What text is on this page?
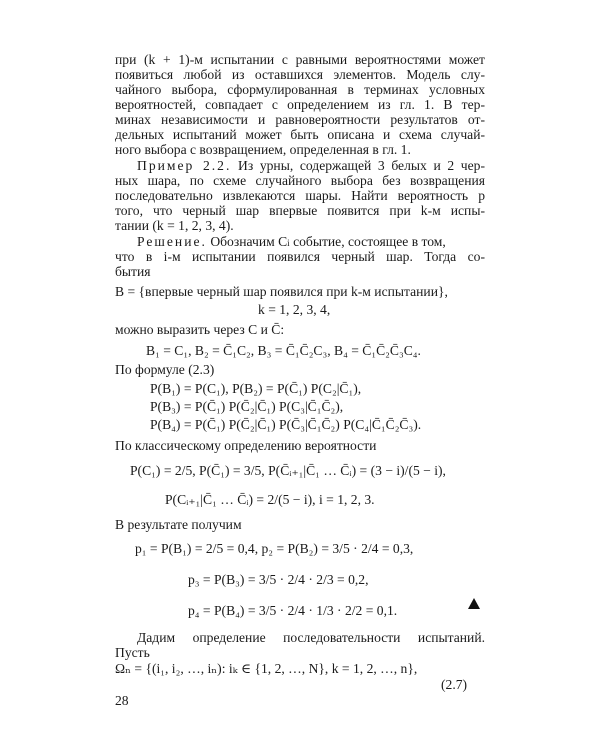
при (k + 1)-м испытании с равными вероятностями может
появиться любой из оставшихся элементов. Модель слу-
чайного выбора, сформулированная в терминах условных
вероятностей, совпадает с определением из гл. 1. В тер-
минах независимости и равновероятности результатов от-
дельных испытаний может быть описана и схема случай-
ного выбора с возвращением, определенная в гл. 1.
Пример 2.2. Из урны, содержащей 3 белых и 2 чер-
ных шара, по схеме случайного выбора без возвращения
последовательно извлекаются шары. Найти вероятность p
того, что черный шар впервые появится при k-м испы-
тании (k = 1, 2, 3, 4).
Решение. Обозначим Ci событие, состоящее в том,
что в i-м испытании появился черный шар. Тогда со-
бытия
B = {впервые черный шар появился при k-м испытании},
k = 1, 2, 3, 4,
можно выразить через C и C̄:
B₁ = C₁, B₂ = C̄₁C₂, B₃ = C̄₁C̄₂C₃, B₄ = C̄₁C̄₂C̄₃C₄.
По формуле (2.3)
P(B₁) = P(C₁), P(B₂) = P(C̄₁) P(C₂|C̄₁),
P(B₃) = P(C̄₁) P(C̄₂|C̄₁) P(C₃|C̄₁C̄₂),
P(B₄) = P(C̄₁) P(C̄₂|C̄₁) P(C̄₃|C̄₁C̄₂) P(C₄|C̄₁C̄₂C̄₃).
По классическому определению вероятности
P(C₁) = 2/5, P(C̄₁) = 3/5, P(C̄ᵢ₊₁|C̄₁ … C̄ᵢ) = (3 − i)/(5 − i),
P(Cᵢ₊₁|C̄₁ … C̄ᵢ) = 2/(5 − i), i = 1, 2, 3.
В результате получим
p₁ = P(B₁) = 2/5 = 0,4, p₂ = P(B₂) = 3/5 · 2/4 = 0,3,
p₃ = P(B₃) = 3/5 · 2/4 · 2/3 = 0,2,
p₄ = P(B₄) = 3/5 · 2/4 · 1/3 · 2/2 = 0,1.
Дадим определение последовательности испытаний.
Пусть
Ωₙ = {(i₁, i₂, …, iₙ): iₖ ∈ {1, 2, …, N}, k = 1, 2, …, n},
(2.7)
28
